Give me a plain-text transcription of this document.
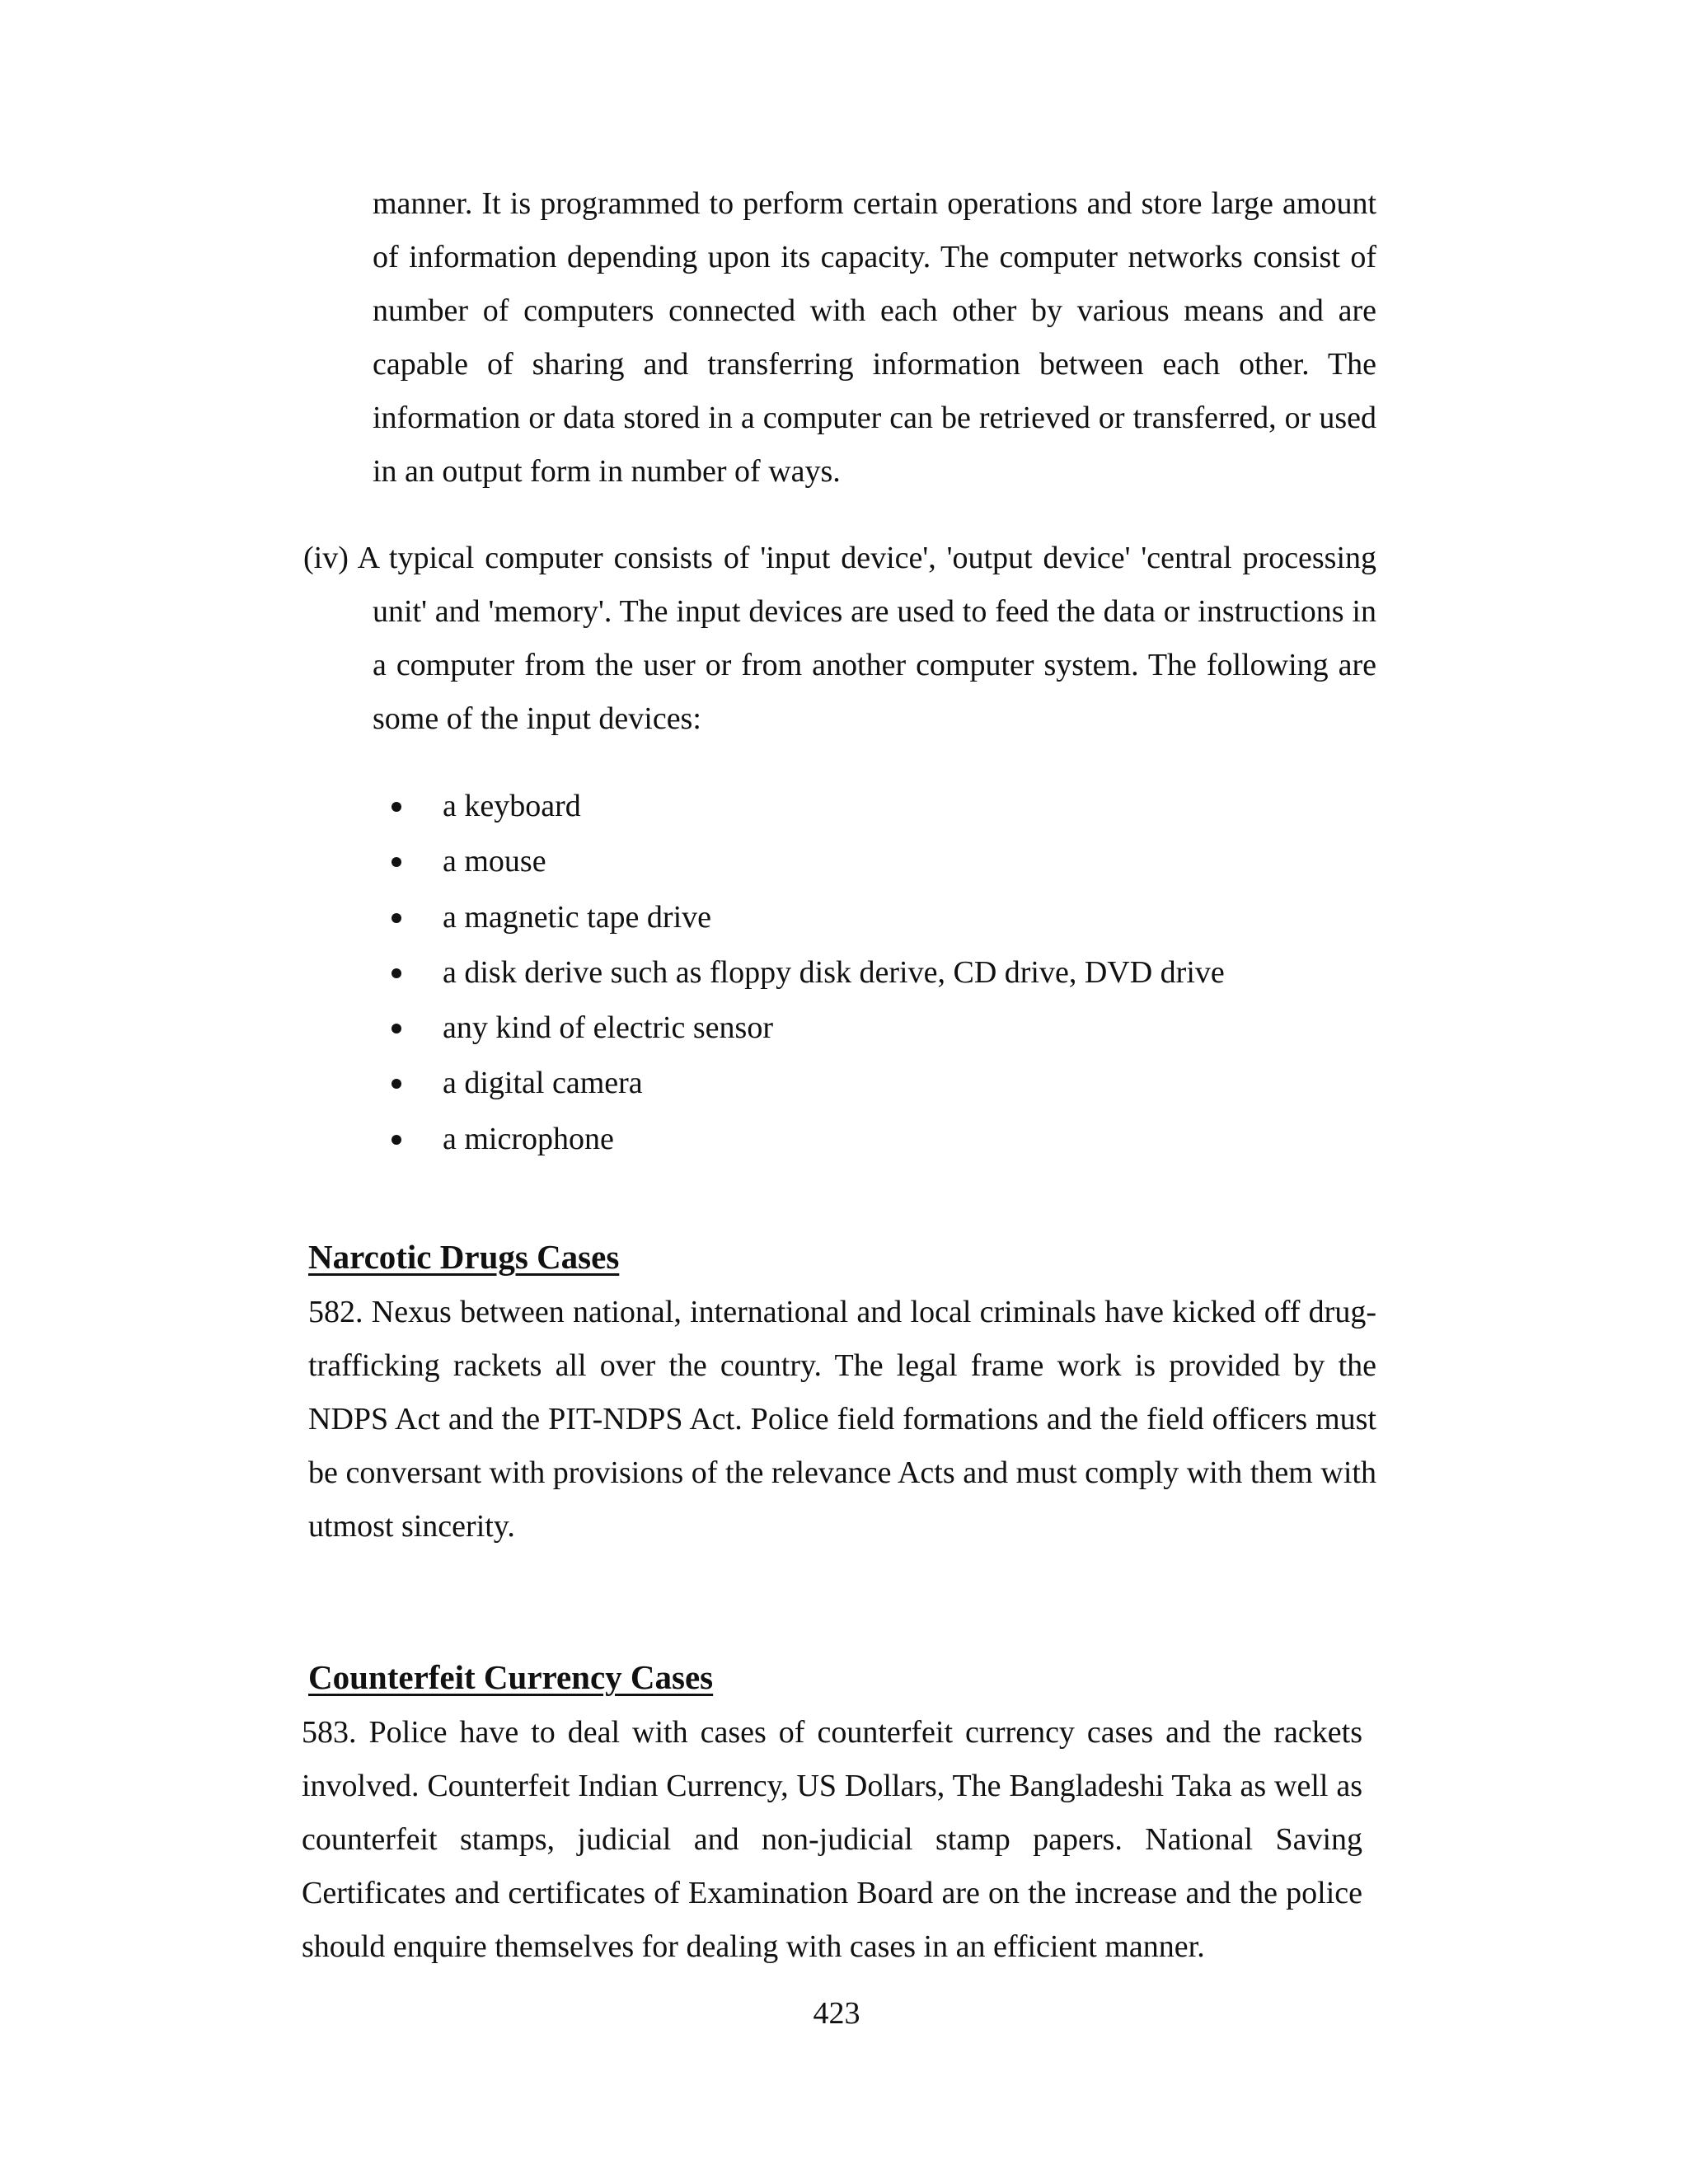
manner. It is programmed to perform certain operations and store large amount of information depending upon its capacity. The computer networks consist of number of computers connected with each other by various means and are capable of sharing and transferring information between each other. The information or data stored in a computer can be retrieved or transferred, or used in an output form in number of ways.

(iv) A typical computer consists of 'input device', 'output device' 'central processing unit' and 'memory'. The input devices are used to feed the data or instructions in a computer from the user or from another computer system. The following are some of the input devices:

a keyboard
a mouse
a magnetic tape drive
a disk derive such as floppy disk derive, CD drive, DVD drive
any kind of electric sensor
a digital camera
a microphone
Narcotic Drugs Cases

582. Nexus between national, international and local criminals have kicked off drug-trafficking rackets all over the country. The legal frame work is provided by the NDPS Act and the PIT-NDPS Act. Police field formations and the field officers must be conversant with provisions of the relevance Acts and must comply with them with utmost sincerity.

Counterfeit Currency Cases

583. Police have to deal with cases of counterfeit currency cases and the rackets involved. Counterfeit Indian Currency, US Dollars, The Bangladeshi Taka as well as counterfeit stamps, judicial and non-judicial stamp papers. National Saving Certificates and certificates of Examination Board are on the increase and the police should enquire themselves for dealing with cases in an efficient manner.

423
